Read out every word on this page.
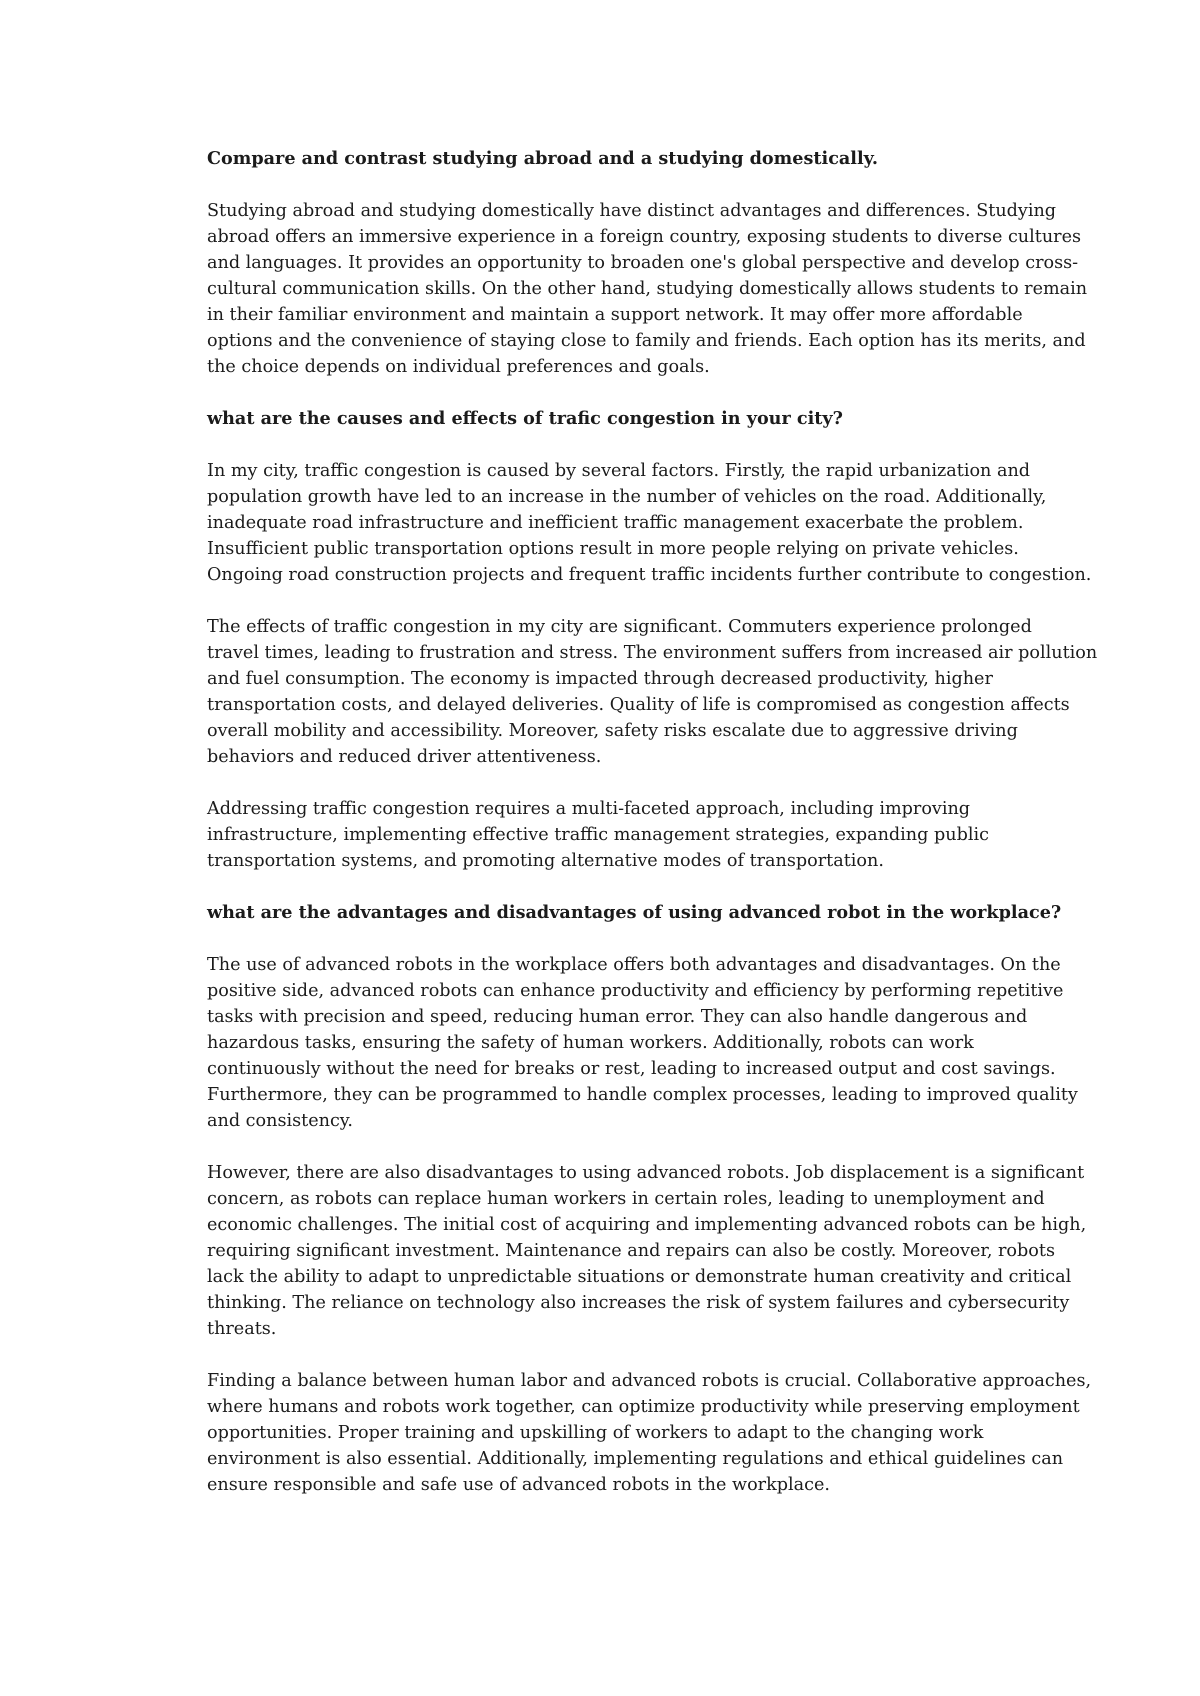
Compare and contrast studying abroad and a studying domestically.
Studying abroad and studying domestically have distinct advantages and differences. Studying
abroad offers an immersive experience in a foreign country, exposing students to diverse cultures
and languages. It provides an opportunity to broaden one's global perspective and develop cross-
cultural communication skills. On the other hand, studying domestically allows students to remain
in their familiar environment and maintain a support network. It may offer more affordable
options and the convenience of staying close to family and friends. Each option has its merits, and
the choice depends on individual preferences and goals.
what are the causes and effects of trafic congestion in your city?
In my city, traffic congestion is caused by several factors. Firstly, the rapid urbanization and
population growth have led to an increase in the number of vehicles on the road. Additionally,
inadequate road infrastructure and inefficient traffic management exacerbate the problem.
Insufficient public transportation options result in more people relying on private vehicles.
Ongoing road construction projects and frequent traffic incidents further contribute to congestion.
The effects of traffic congestion in my city are significant. Commuters experience prolonged
travel times, leading to frustration and stress. The environment suffers from increased air pollution
and fuel consumption. The economy is impacted through decreased productivity, higher
transportation costs, and delayed deliveries. Quality of life is compromised as congestion affects
overall mobility and accessibility. Moreover, safety risks escalate due to aggressive driving
behaviors and reduced driver attentiveness.
Addressing traffic congestion requires a multi-faceted approach, including improving
infrastructure, implementing effective traffic management strategies, expanding public
transportation systems, and promoting alternative modes of transportation.
what are the advantages and disadvantages of using advanced robot in the workplace?
The use of advanced robots in the workplace offers both advantages and disadvantages. On the
positive side, advanced robots can enhance productivity and efficiency by performing repetitive
tasks with precision and speed, reducing human error. They can also handle dangerous and
hazardous tasks, ensuring the safety of human workers. Additionally, robots can work
continuously without the need for breaks or rest, leading to increased output and cost savings.
Furthermore, they can be programmed to handle complex processes, leading to improved quality
and consistency.
However, there are also disadvantages to using advanced robots. Job displacement is a significant
concern, as robots can replace human workers in certain roles, leading to unemployment and
economic challenges. The initial cost of acquiring and implementing advanced robots can be high,
requiring significant investment. Maintenance and repairs can also be costly. Moreover, robots
lack the ability to adapt to unpredictable situations or demonstrate human creativity and critical
thinking. The reliance on technology also increases the risk of system failures and cybersecurity
threats.
Finding a balance between human labor and advanced robots is crucial. Collaborative approaches,
where humans and robots work together, can optimize productivity while preserving employment
opportunities. Proper training and upskilling of workers to adapt to the changing work
environment is also essential. Additionally, implementing regulations and ethical guidelines can
ensure responsible and safe use of advanced robots in the workplace.
